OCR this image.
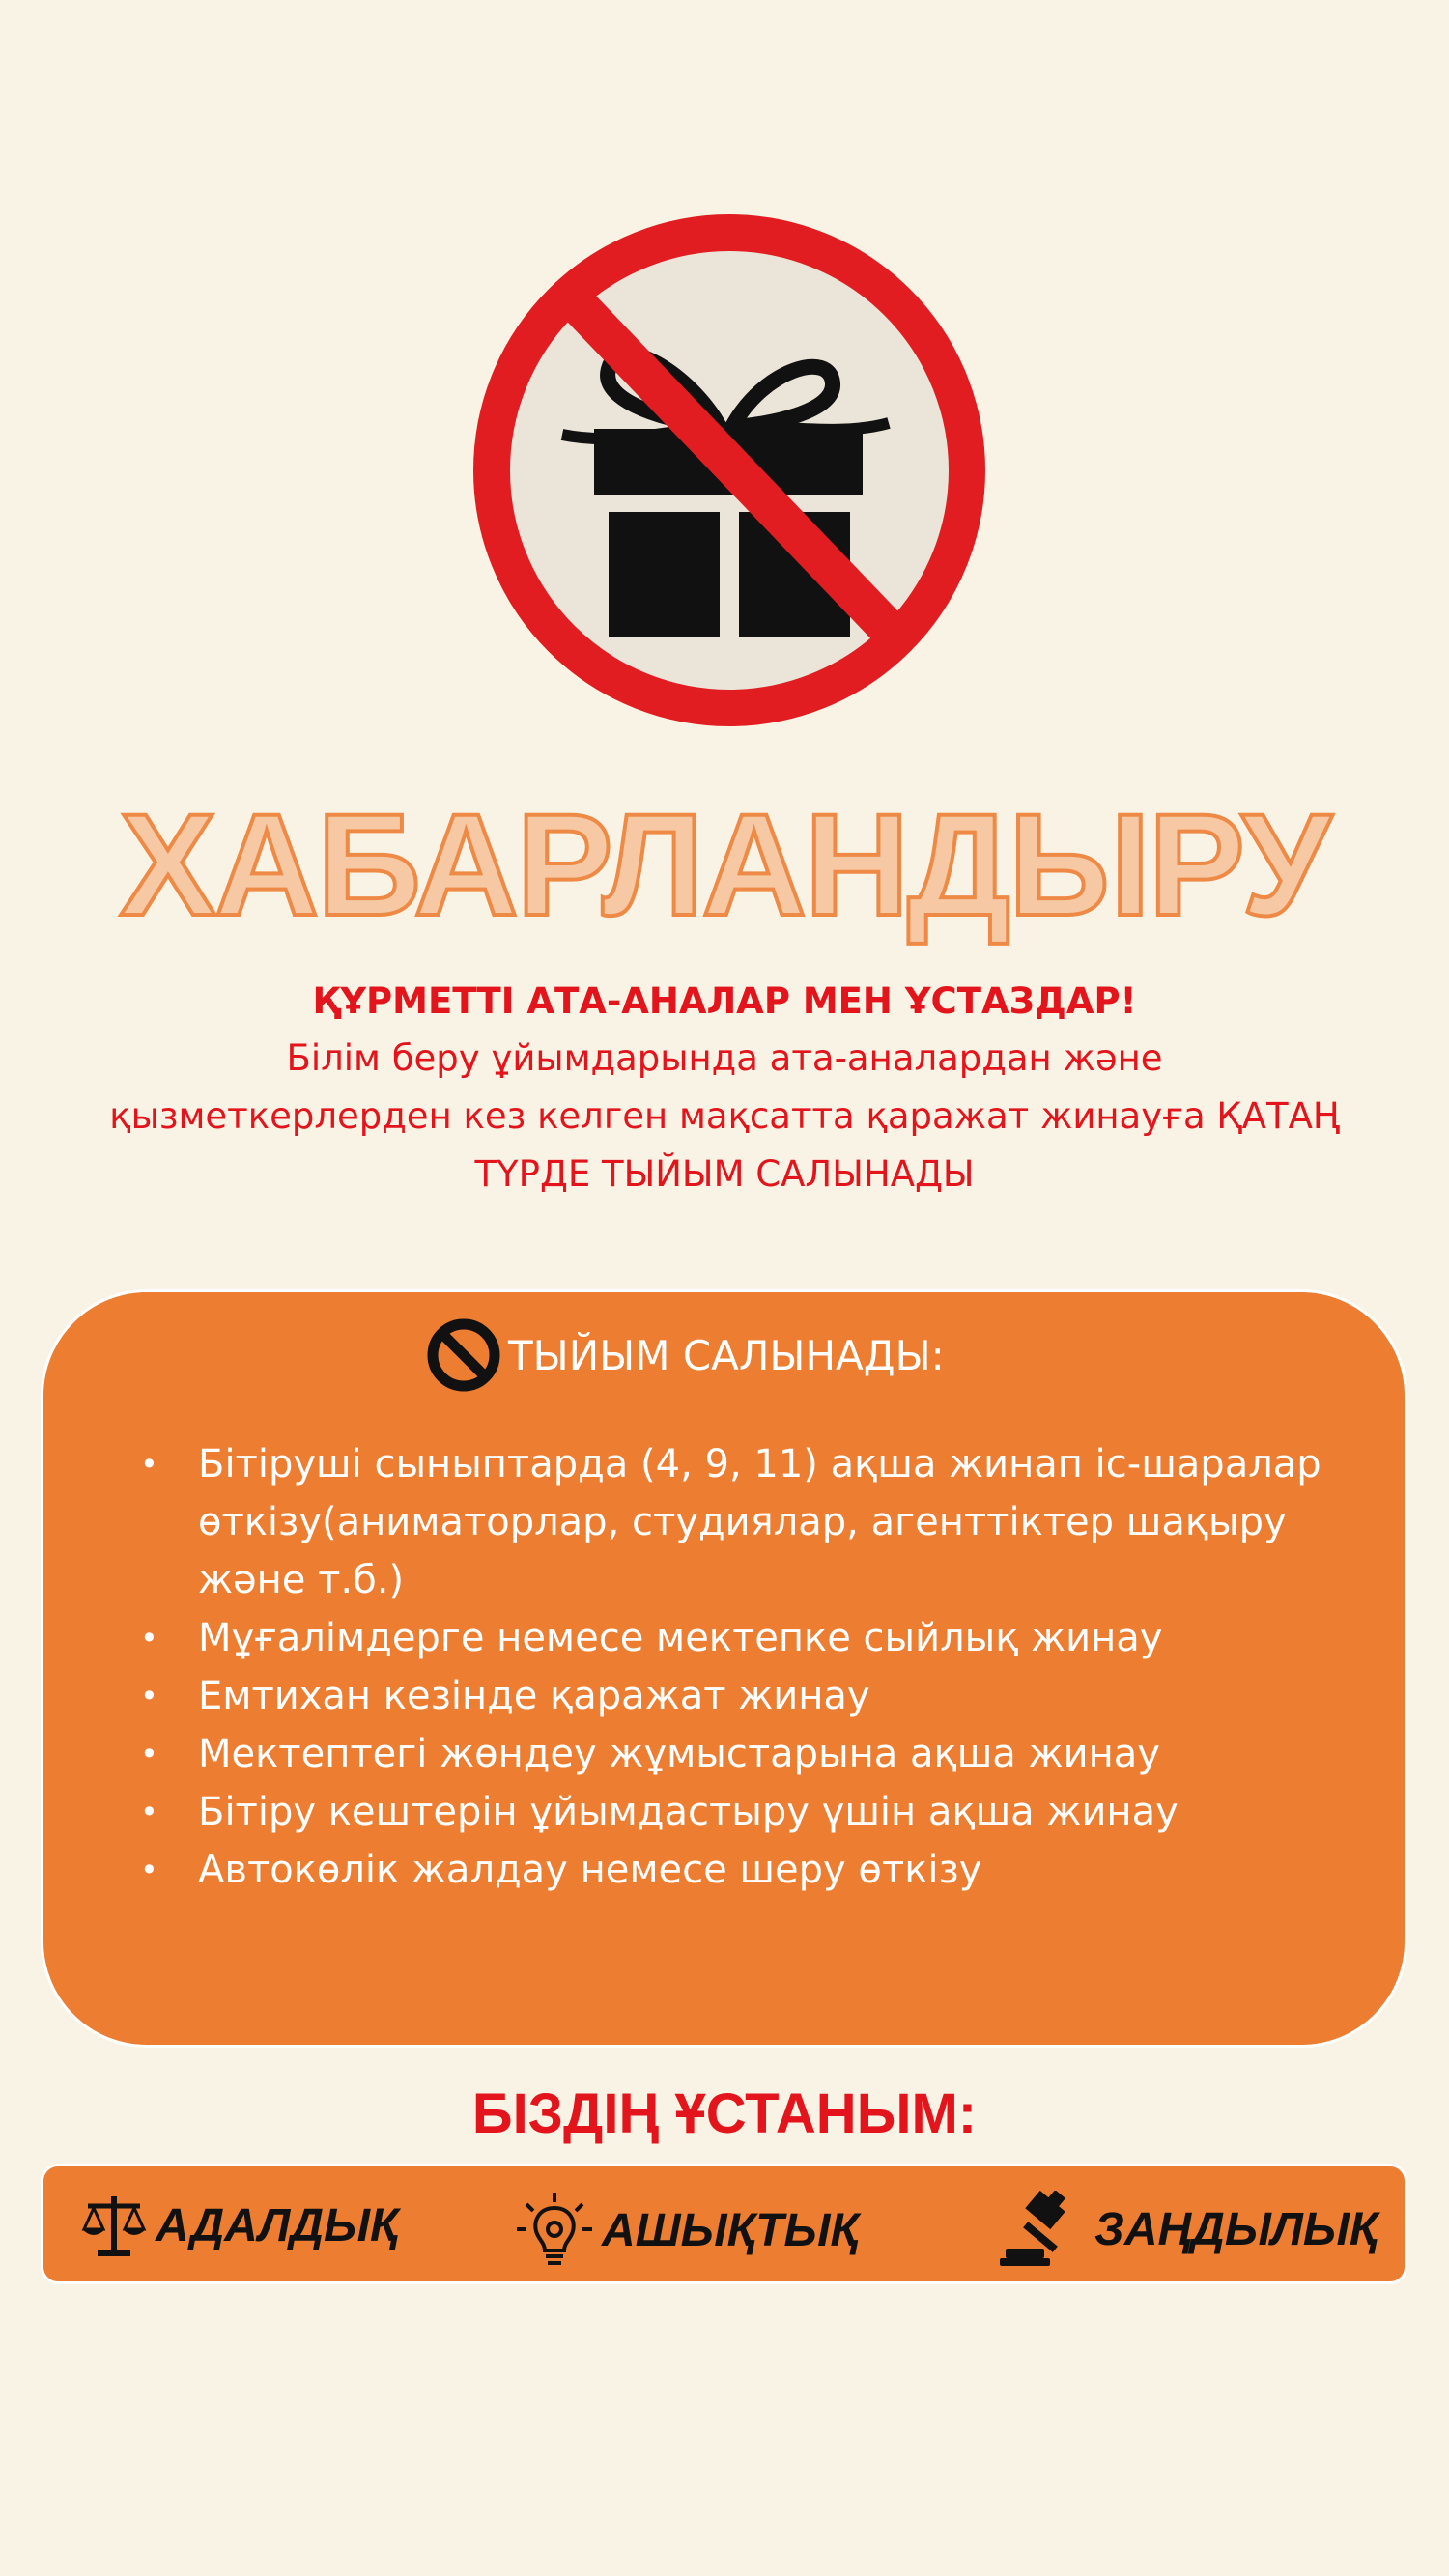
ХАБАРЛАНДЫРУ
ҚҰРМЕТТІ АТА-АНАЛАР МЕН ҰСТАЗДАР!
Білім беру ұйымдарында ата-аналардан және
қызметкерлерден кез келген мақсатта қаражат жинауға ҚАТАҢ
ТҮРДЕ ТЫЙЫМ САЛЫНАДЫ
ТЫЙЫМ САЛЫНАДЫ:
• Бітіруші сыныптарда (4, 9, 11) ақша жинап іс-шаралар өткізу(аниматорлар, студиялар, агенттіктер шақыру және т.б.)
• Мұғалімдерге немесе мектепке сыйлық жинау
• Емтихан кезінде қаражат жинау
• Мектептегі жөндеу жұмыстарына ақша жинау
• Бітіру кештерін ұйымдастыру үшін ақша жинау
• Автокөлік жалдау немесе шеру өткізу
БІЗДІҢ ҰСТАНЫМ:
АДАЛДЫҚ	АШЫҚТЫҚ	ЗАҢДЫЛЫҚ
